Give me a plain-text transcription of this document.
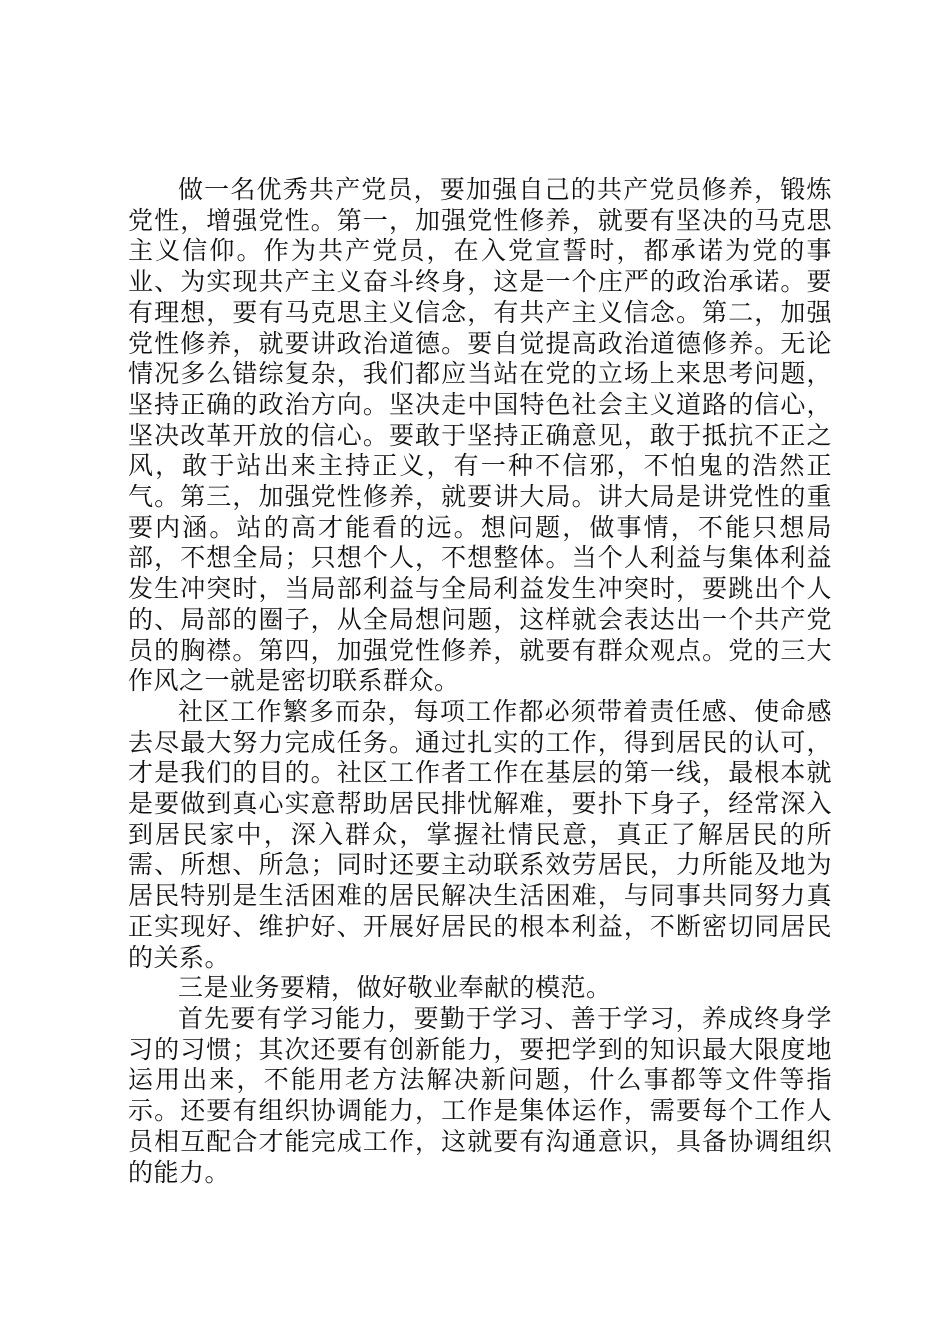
做一名优秀共产党员，要加强自己的共产党员修养，锻炼党性，增强党性。第一，加强党性修养，就要有坚决的马克思主义信仰。作为共产党员，在入党宣誓时，都承诺为党的事业、为实现共产主义奋斗终身，这是一个庄严的政治承诺。要有理想，要有马克思主义信念，有共产主义信念。第二，加强党性修养，就要讲政治道德。要自觉提高政治道德修养。无论情况多么错综复杂，我们都应当站在党的立场上来思考问题，坚持正确的政治方向。坚决走中国特色社会主义道路的信心，坚决改革开放的信心。要敢于坚持正确意见，敢于抵抗不正之风，敢于站出来主持正义，有一种不信邪，不怕鬼的浩然正气。第三，加强党性修养，就要讲大局。讲大局是讲党性的重要内涵。站的高才能看的远。想问题，做事情，不能只想局部，不想全局；只想个人，不想整体。当个人利益与集体利益发生冲突时，当局部利益与全局利益发生冲突时，要跳出个人的、局部的圈子，从全局想问题，这样就会表达出一个共产党员的胸襟。第四，加强党性修养，就要有群众观点。党的三大作风之一就是密切联系群众。

社区工作繁多而杂，每项工作都必须带着责任感、使命感去尽最大努力完成任务。通过扎实的工作，得到居民的认可，才是我们的目的。社区工作者工作在基层的第一线，最根本就是要做到真心实意帮助居民排忧解难，要扑下身子，经常深入到居民家中，深入群众，掌握社情民意，真正了解居民的所需、所想、所急；同时还要主动联系效劳居民，力所能及地为居民特别是生活困难的居民解决生活困难，与同事共同努力真正实现好、维护好、开展好居民的根本利益，不断密切同居民的关系。

三是业务要精，做好敬业奉献的模范。

首先要有学习能力，要勤于学习、善于学习，养成终身学习的习惯；其次还要有创新能力，要把学到的知识最大限度地运用出来，不能用老方法解决新问题，什么事都等文件等指示。还要有组织协调能力，工作是集体运作，需要每个工作人员相互配合才能完成工作，这就要有沟通意识，具备协调组织的能力。
